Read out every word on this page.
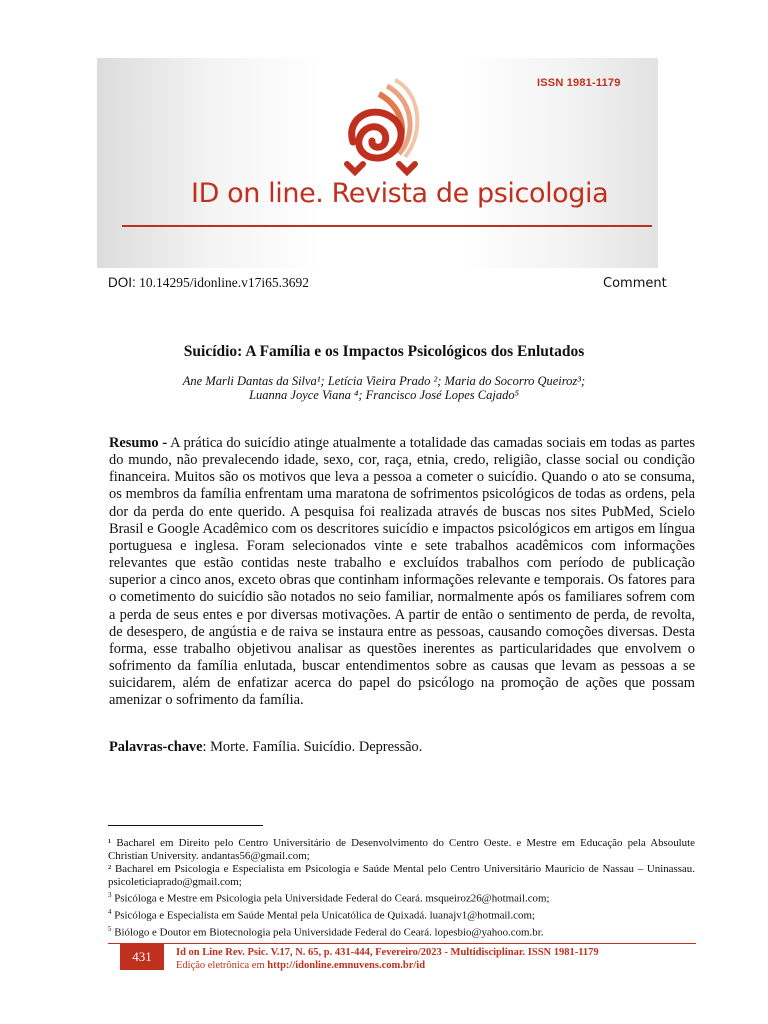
ISSN 1981-1179
ID on line. Revista de psicologia
DOI: 10.14295/idonline.v17i65.3692	Comment
Suicídio: A Família e os Impactos Psicológicos dos Enlutados

Ane Marli Dantas da Silva¹; Letícia Vieira Prado ²; Maria do Socorro Queiroz³;

Luanna Joyce Viana ⁴; Francisco José Lopes Cajado⁵

Resumo - A prática do suicídio atinge atualmente a totalidade das camadas sociais em todas as partes do mundo, não prevalecendo idade, sexo, cor, raça, etnia, credo, religião, classe social ou condição financeira. Muitos são os motivos que leva a pessoa a cometer o suicídio. Quando o ato se consuma, os membros da família enfrentam uma maratona de sofrimentos psicológicos de todas as ordens, pela dor da perda do ente querido. A pesquisa foi realizada através de buscas nos sites PubMed, Scielo Brasil e Google Acadêmico com os descritores suicídio e impactos psicológicos em artigos em língua portuguesa e inglesa. Foram selecionados vinte e sete trabalhos acadêmicos com informações relevantes que estão contidas neste trabalho e excluídos trabalhos com período de publicação superior a cinco anos, exceto obras que continham informações relevante e temporais. Os fatores para o cometimento do suicídio são notados no seio familiar, normalmente após os familiares sofrem com a perda de seus entes e por diversas motivações. A partir de então o sentimento de perda, de revolta, de desespero, de angústia e de raiva se instaura entre as pessoas, causando comoções diversas. Desta forma, esse trabalho objetivou analisar as questões inerentes as particularidades que envolvem o sofrimento da família enlutada, buscar entendimentos sobre as causas que levam as pessoas a se suicidarem, além de enfatizar acerca do papel do psicólogo na promoção de ações que possam amenizar o sofrimento da família.

Palavras-chave: Morte. Família. Suicídio. Depressão.

¹ Bacharel em Direito pelo Centro Universitário de Desenvolvimento do Centro Oeste. e Mestre em Educação pela Absoulute Christian University. andantas56@gmail.com;

² Bacharel em Psicologia e Especialista em Psicologia e Saúde Mental pelo Centro Universitário Maurício de Nassau – Uninassau. psicoleticiaprado@gmail.com;

$^3$ Psicóloga e Mestre em Psicologia pela Universidade Federal do Ceará. msqueiroz26@hotmail.com;

$^4$ Psicóloga e Especialista em Saúde Mental pela Unicatólica de Quixadá. luanajv1@hotmail.com;

$^5$ Biólogo e Doutor em Biotecnologia pela Universidade Federal do Ceará. lopesbio@yahoo.com.br.

431	Id on Line Rev. Psic. V.17, N. 65, p. 431-444, Fevereiro/2023 - Multidisciplinar. ISSN 1981-1179
Edição eletrônica em http://idonline.emnuvens.com.br/id
